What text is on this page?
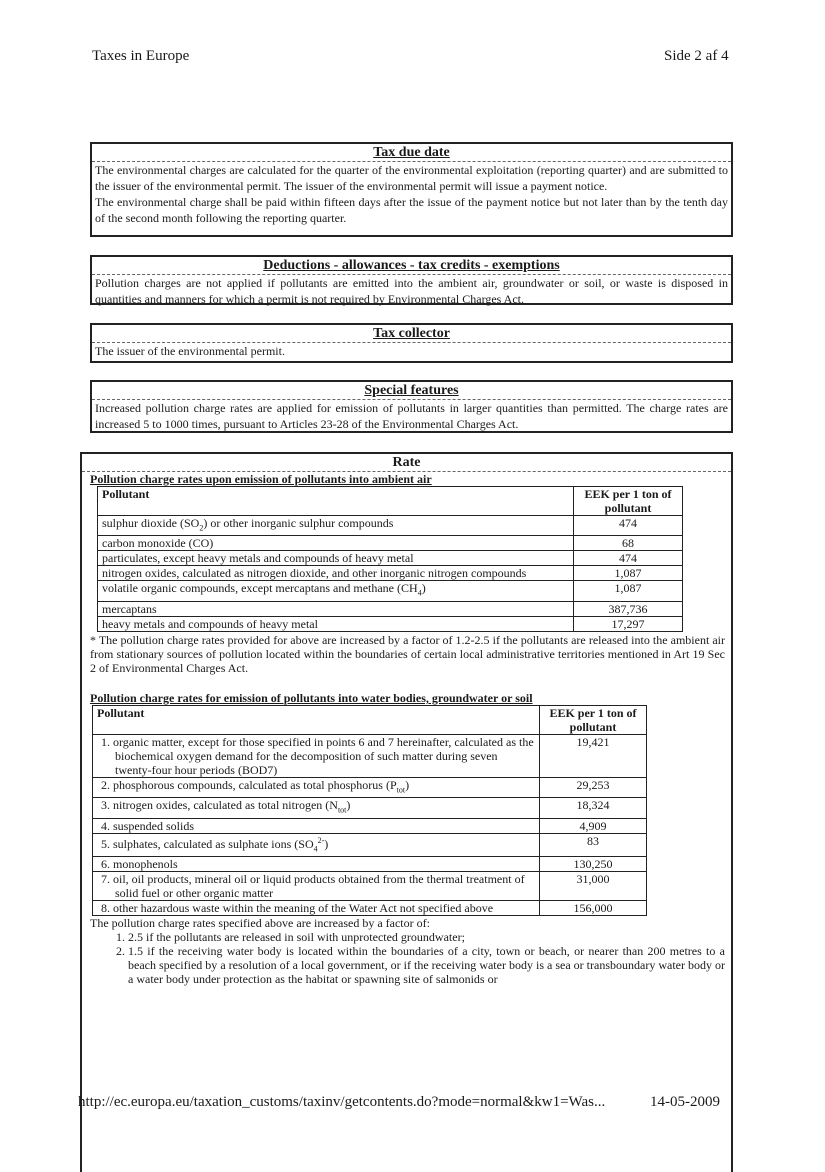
Taxes in Europe	Side 2 af 4
Tax due date
The environmental charges are calculated for the quarter of the environmental exploitation (reporting quarter) and are submitted to the issuer of the environmental permit. The issuer of the environmental permit will issue a payment notice.
The environmental charge shall be paid within fifteen days after the issue of the payment notice but not later than by the tenth day of the second month following the reporting quarter.
Deductions - allowances - tax credits - exemptions
Pollution charges are not applied if pollutants are emitted into the ambient air, groundwater or soil, or waste is disposed in quantities and manners for which a permit is not required by Environmental Charges Act.
Tax collector
The issuer of the environmental permit.
Special features
Increased pollution charge rates are applied for emission of pollutants in larger quantities than permitted. The charge rates are increased 5 to 1000 times, pursuant to Articles 23-28 of the Environmental Charges Act.
Rate
Pollution charge rates upon emission of pollutants into ambient air
Pollutant	EEK per 1 ton of pollutant

sulphur dioxide $(SO_2)$ or other inorganic sulphur compounds	474

carbon monoxide (CO)	68

particulates, except heavy metals and compounds of heavy metal	474

nitrogen oxides, calculated as nitrogen dioxide, and other inorganic nitrogen compounds	1,087

volatile organic compounds, except mercaptans and methane $(CH_4)$	1,087

mercaptans	387,736

heavy metals and compounds of heavy metal	17,297
* The pollution charge rates provided for above are increased by a factor of 1.2-2.5 if the pollutants are released into the ambient air from stationary sources of pollution located within the boundaries of certain local administrative territories mentioned in Art 19 Sec 2 of Environmental Charges Act.
Pollution charge rates for emission of pollutants into water bodies, groundwater or soil
Pollutant	EEK per 1 ton of pollutant

1. organic matter, except for those specified in points 6 and 7 hereinafter, calculated as the biochemical oxygen demand for the decomposition of such matter during seven twenty-four hour periods (BOD7)	19,421

2. phosphorous compounds, calculated as total phosphorus $(P_{tot})$	29,253

3. nitrogen oxides, calculated as total nitrogen $(N_{tot})$	18,324

4. suspended solids	4,909

5. sulphates, calculated as sulphate ions $(SO_4^{2-})$	83

6. monophenols	130,250

7. oil, oil products, mineral oil or liquid products obtained from the thermal treatment of solid fuel or other organic matter	31,000

8. other hazardous waste within the meaning of the Water Act not specified above	156,000
The pollution charge rates specified above are increased by a factor of:
1. 2.5 if the pollutants are released in soil with unprotected groundwater;
2. 1.5 if the receiving water body is located within the boundaries of a city, town or beach, or nearer than 200 metres to a beach specified by a resolution of a local government, or if the receiving water body is a sea or transboundary water body or a water body under protection as the habitat or spawning site of salmonids or
http://ec.europa.eu/taxation_customs/taxinv/getcontents.do?mode=normal&kw1=Was...	14-05-2009
